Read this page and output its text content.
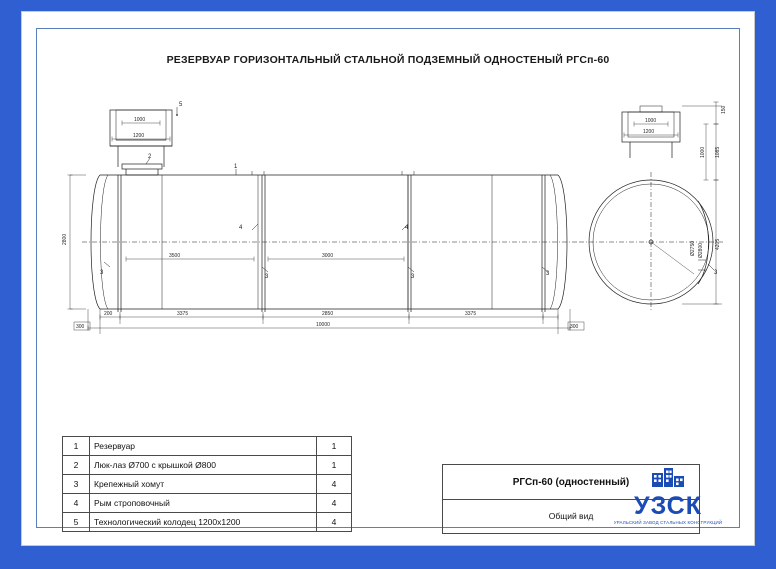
РЕЗЕРВУАР ГОРИЗОНТАЛЬНЫЙ СТАЛЬНОЙ ПОДЗЕМНЫЙ ОДНОСТЕНЫЙ РГСп-60
1000
1200
2800
3500	3000
200	3375	2850	3375
10000
300	300
5
2
1
3
3	3	3
4	4
1000
1200
150
1000 1085
4205
Ø2750 Ø2800
3
1	Резервуар	1
2	Люк-лаз Ø700 с крышкой Ø800	1
3	Крепежный хомут	4
4	Рым строповочный	4
5	Технологический колодец 1200x1200	4
РГСп-60 (одностенный)
Общий вид	УЗСК
УРАЛЬСКИЙ ЗАВОД СТАЛЬНЫХ КОНСТРУКЦИЙ
